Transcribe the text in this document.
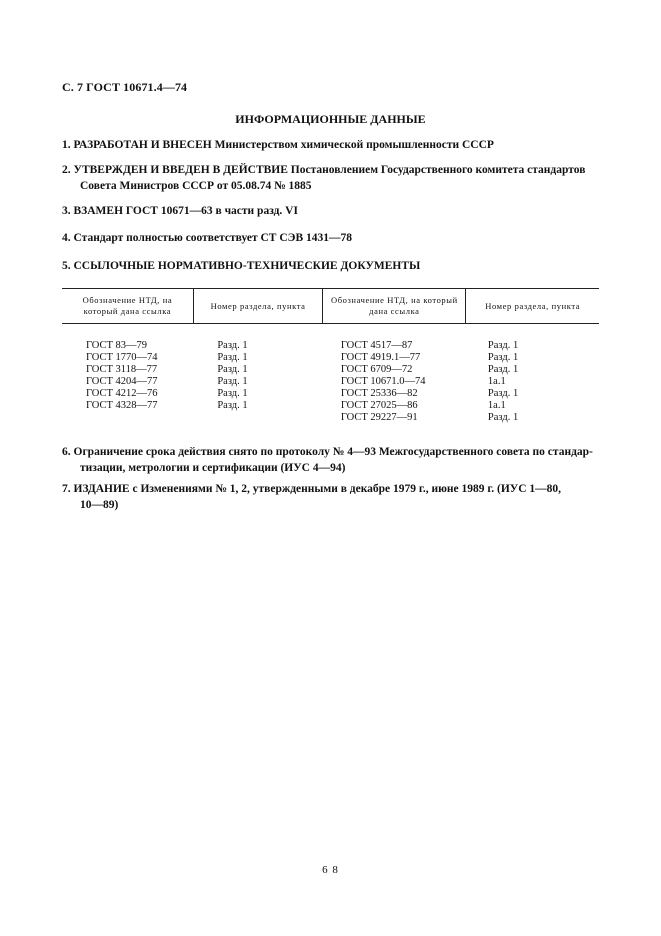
С. 7 ГОСТ 10671.4—74
ИНФОРМАЦИОННЫЕ ДАННЫЕ
1. РАЗРАБОТАН И ВНЕСЕН Министерством химической промышленности СССР
2. УТВЕРЖДЕН И ВВЕДЕН В ДЕЙСТВИЕ Постановлением Государственного комитета стандартов
Совета Министров СССР от 05.08.74 № 1885
3. ВЗАМЕН ГОСТ 10671—63 в части разд. VI
4. Стандарт полностью соответствует СТ СЭВ 1431—78
5. ССЫЛОЧНЫЕ НОРМАТИВНО-ТЕХНИЧЕСКИЕ ДОКУМЕНТЫ
Обозначение НТД, на который дана ссылка	Номер раздела, пункта	Обозначение НТД, на который дана ссылка	Номер раздела, пункта

ГОСТ 83—79	Разд. 1	ГОСТ 4517—87	Разд. 1
ГОСТ 1770—74	Разд. 1	ГОСТ 4919.1—77	Разд. 1
ГОСТ 3118—77	Разд. 1	ГОСТ 6709—72	Разд. 1
ГОСТ 4204—77	Разд. 1	ГОСТ 10671.0—74	1а.1
ГОСТ 4212—76	Разд. 1	ГОСТ 25336—82	Разд. 1
ГОСТ 4328—77	Разд. 1	ГОСТ 27025—86	1а.1
		ГОСТ 29227—91	Разд. 1
6. Ограничение срока действия снято по протоколу № 4—93 Межгосударственного совета по стандар-
тизации, метрологии и сертификации (ИУС 4—94)
7. ИЗДАНИЕ с Изменениями № 1, 2, утвержденными в декабре 1979 г., июне 1989 г. (ИУС 1—80,
10—89)
6 8
